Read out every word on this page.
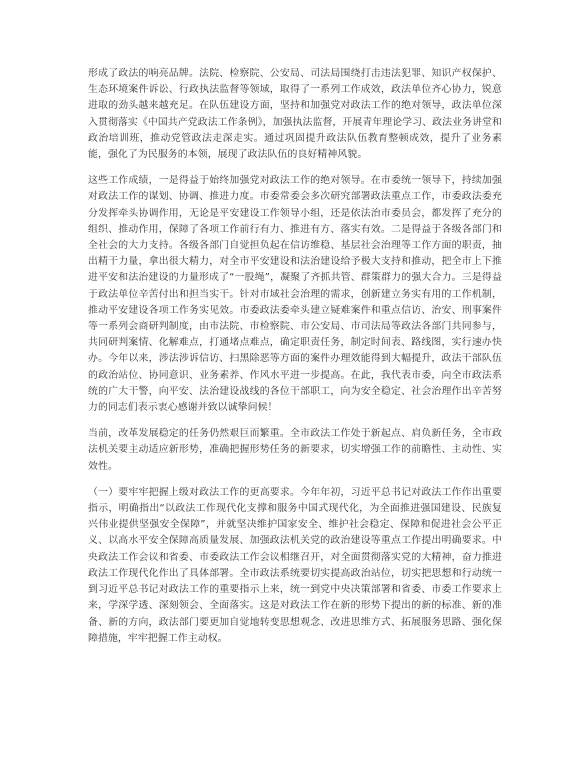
形成了政法的响亮品牌。法院、检察院、公安局、司法局围绕打击违法犯罪、知识产权保护、生态环境案件诉讼、行政执法监督等领域，取得了一系列工作成效，政法单位齐心协力，锐意进取的劲头越来越充足。在队伍建设方面，坚持和加强党对政法工作的绝对领导，政法单位深入贯彻落实《中国共产党政法工作条例》，加强执法监督，开展青年理论学习、政法业务讲堂和政治培训班，推动党管政法走深走实。通过巩固提升政法队伍教育整顿成效，提升了业务素能，强化了为民服务的本领，展现了政法队伍的良好精神风貌。

这些工作成绩，一是得益于始终加强党对政法工作的绝对领导。在市委统一领导下，持续加强对政法工作的谋划、协调、推进力度。市委常委会多次研究部署政法重点工作，市委政法委充分发挥牵头协调作用，无论是平安建设工作领导小组，还是依法治市委员会，都发挥了充分的组织、推动作用，保障了各项工作前行有力、推进有方、落实有效。二是得益于各级各部门和全社会的大力支持。各级各部门自觉担负起在信访维稳、基层社会治理等工作方面的职责，抽出精干力量，拿出很大精力，对全市平安建设和法治建设给予极大支持和推动，把全市上下推进平安和法治建设的力量形成了“一股绳”，凝聚了齐抓共管、群策群力的强大合力。三是得益于政法单位辛苦付出和担当实干。针对市域社会治理的需求，创新建立务实有用的工作机制，推动平安建设各项工作务实见效。市委政法委牵头建立疑难案件和重点信访、治安、刑事案件等一系列会商研判制度，由市法院、市检察院、市公安局、市司法局等政法各部门共同参与，共同研判案情、化解难点，打通堵点难点，确定职责任务，制定时间表、路线图，实行速办快办。今年以来，涉法涉诉信访、扫黑除恶等方面的案件办理效能得到大幅提升，政法干部队伍的政治站位、协同意识、业务素养、作风水平进一步提高。在此，我代表市委，向全市政法系统的广大干警，向平安、法治建设战线的各位干部职工，向为安全稳定、社会治理作出辛苦努力的同志们表示衷心感谢并致以诚挚问候！

当前，改革发展稳定的任务仍然艰巨而繁重。全市政法工作处于新起点、肩负新任务，全市政法机关要主动适应新形势，准确把握形势任务的新要求，切实增强工作的前瞻性、主动性、实效性。

（一）要牢牢把握上级对政法工作的更高要求。今年年初，习近平总书记对政法工作作出重要指示，明确指出“以政法工作现代化支撑和服务中国式现代化，为全面推进强国建设、民族复兴伟业提供坚强安全保障”，并就坚决维护国家安全、维护社会稳定、保障和促进社会公平正义、以高水平安全保障高质量发展、加强政法机关党的政治建设等重点工作提出明确要求。中央政法工作会议和省委、市委政法工作会议相继召开，对全面贯彻落实党的大精神，奋力推进政法工作现代化作出了具体部署。全市政法系统要切实提高政治站位，切实把思想和行动统一到习近平总书记对政法工作的重要指示上来，统一到党中央决策部署和省委、市委工作要求上来，学深学透、深刻领会、全面落实。这是对政法工作在新的形势下提出的新的标准、新的准备、新的方向，政法部门要更加自觉地转变思想观念、改进思维方式、拓展服务思路、强化保障措施，牢牢把握工作主动权。
